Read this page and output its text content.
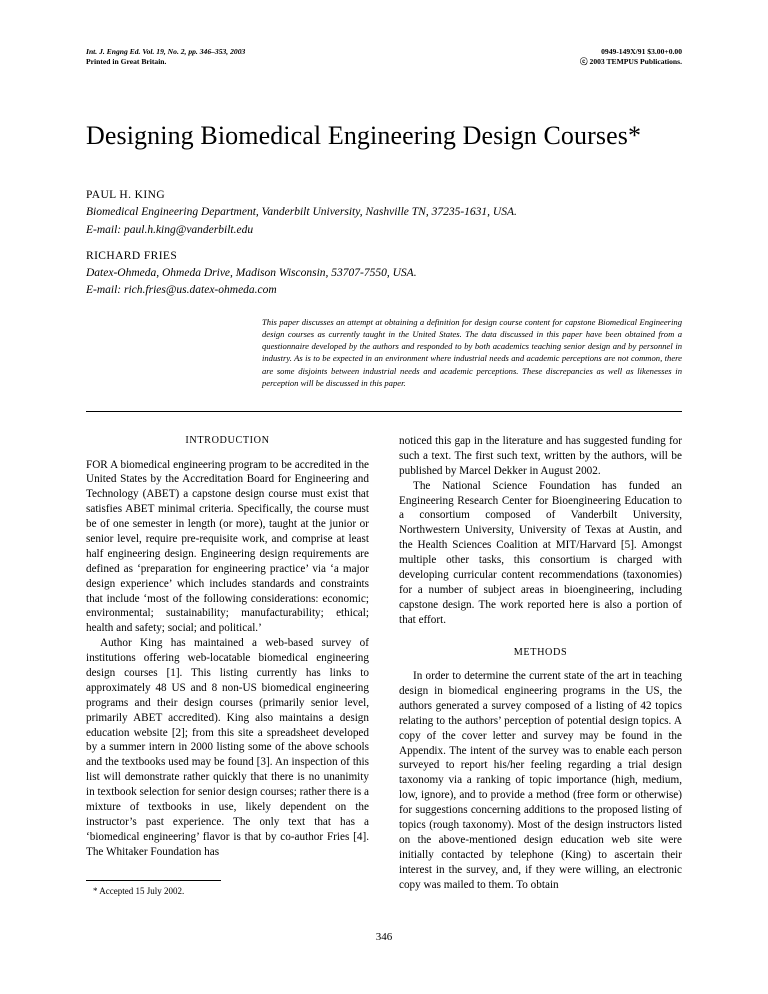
Int. J. Engng Ed. Vol. 19, No. 2, pp. 346–353, 2003
Printed in Great Britain.
0949-149X/91 $3.00+0.00
ⓒ 2003 TEMPUS Publications.
Designing Biomedical Engineering Design Courses*
PAUL H. KING
Biomedical Engineering Department, Vanderbilt University, Nashville TN, 37235-1631, USA.
E-mail: paul.h.king@vanderbilt.edu
RICHARD FRIES
Datex-Ohmeda, Ohmeda Drive, Madison Wisconsin, 53707-7550, USA.
E-mail: rich.fries@us.datex-ohmeda.com
This paper discusses an attempt at obtaining a definition for design course content for capstone Biomedical Engineering design courses as currently taught in the United States. The data discussed in this paper have been obtained from a questionnaire developed by the authors and responded to by both academics teaching senior design and by personnel in industry. As is to be expected in an environment where industrial needs and academic perceptions are not common, there are some disjoints between industrial needs and academic perceptions. These discrepancies as well as likenesses in perception will be discussed in this paper.
INTRODUCTION

FOR A biomedical engineering program to be accredited in the United States by the Accreditation Board for Engineering and Technology (ABET) a capstone design course must exist that satisfies ABET minimal criteria. Specifically, the course must be of one semester in length (or more), taught at the junior or senior level, require pre-requisite work, and comprise at least half engineering design. Engineering design requirements are defined as ‘preparation for engineering practice’ via ‘a major design experience’ which includes standards and constraints that include ‘most of the following considerations: economic; environmental; sustainability; manufacturability; ethical; health and safety; social; and political.’

Author King has maintained a web-based survey of institutions offering web-locatable biomedical engineering design courses [1]. This listing currently has links to approximately 48 US and 8 non-US biomedical engineering programs and their design courses (primarily senior level, primarily ABET accredited). King also maintains a design education website [2]; from this site a spreadsheet developed by a summer intern in 2000 listing some of the above schools and the textbooks used may be found [3]. An inspection of this list will demonstrate rather quickly that there is no unanimity in textbook selection for senior design courses; rather there is a mixture of textbooks in use, likely dependent on the instructor’s past experience. The only text that has a ‘biomedical engineering’ flavor is that by co-author Fries [4]. The Whitaker Foundation has

noticed this gap in the literature and has suggested funding for such a text. The first such text, written by the authors, will be published by Marcel Dekker in August 2002.

The National Science Foundation has funded an Engineering Research Center for Bioengineering Education to a consortium composed of Vanderbilt University, Northwestern University, University of Texas at Austin, and the Health Sciences Coalition at MIT/Harvard [5]. Amongst multiple other tasks, this consortium is charged with developing curricular content recommendations (taxonomies) for a number of subject areas in bioengineering, including capstone design. The work reported here is also a portion of that effort.

METHODS

In order to determine the current state of the art in teaching design in biomedical engineering programs in the US, the authors generated a survey composed of a listing of 42 topics relating to the authors’ perception of potential design topics. A copy of the cover letter and survey may be found in the Appendix. The intent of the survey was to enable each person surveyed to report his/her feeling regarding a trial design taxonomy via a ranking of topic importance (high, medium, low, ignore), and to provide a method (free form or otherwise) for suggestions concerning additions to the proposed listing of topics (rough taxonomy). Most of the design instructors listed on the above-mentioned design education web site were initially contacted by telephone (King) to ascertain their interest in the survey, and, if they were willing, an electronic copy was mailed to them. To obtain

* Accepted 15 July 2002.
346
